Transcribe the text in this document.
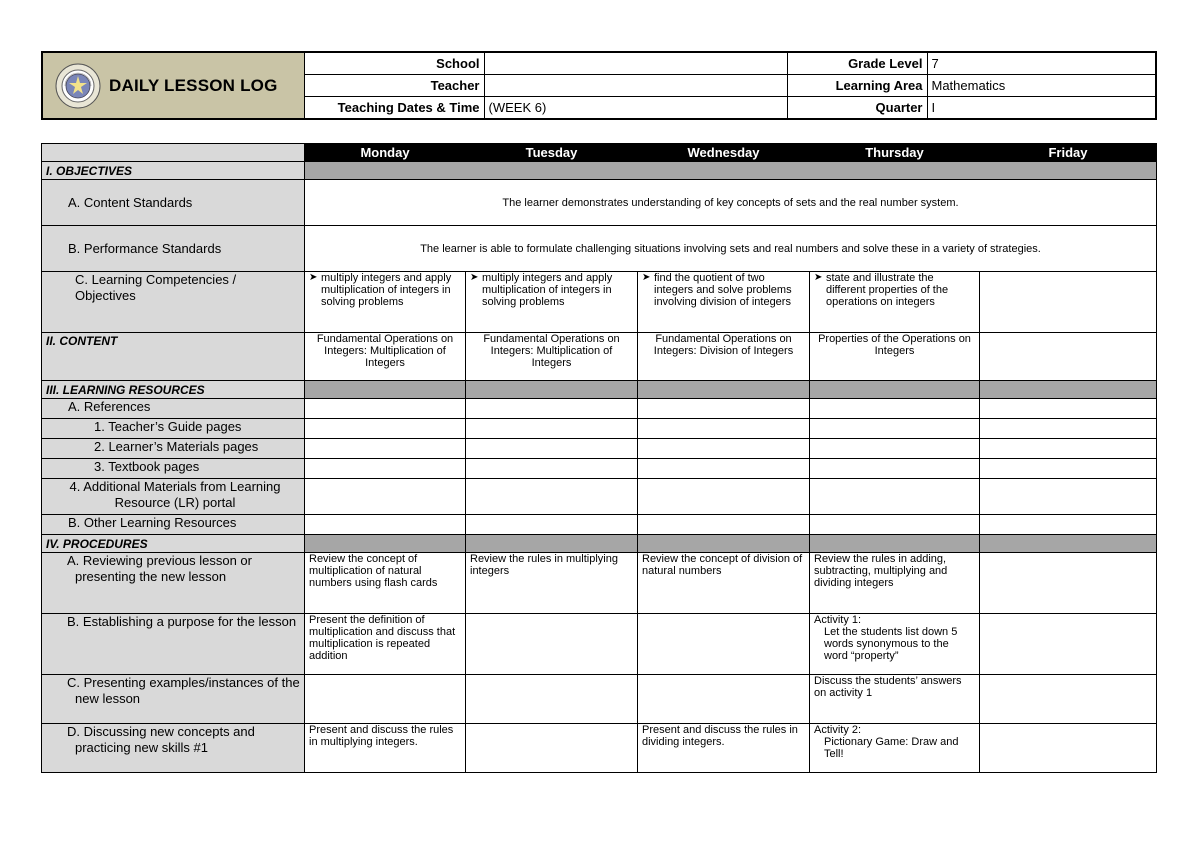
DAILY LESSON LOG	School		Grade Level	7
	Teacher		Learning Area	Mathematics
	Teaching Dates & Time	(WEEK 6)	Quarter	I
	Monday	Tuesday	Wednesday	Thursday	Friday
I. OBJECTIVES					
A. Content Standards	The learner demonstrates understanding of key concepts of sets and the real number system.				
B. Performance Standards	The learner is able to formulate challenging situations involving sets and real numbers and solve these in a variety of strategies.				
C. Learning Competencies / Objectives	➤ multiply integers and apply multiplication of integers in solving problems	➤ multiply integers and apply multiplication of integers in solving problems	➤ find the quotient of two integers and solve problems involving division of integers	➤ state and illustrate the different properties of the operations on integers	

II. CONTENT	Fundamental Operations on Integers: Multiplication of Integers	Fundamental Operations on Integers: Multiplication of Integers	Fundamental Operations on Integers: Division of Integers	Properties of the Operations on Integers	
III. LEARNING RESOURCES					
A. References					
1. Teacher’s Guide pages					
2. Learner’s Materials pages					
3. Textbook pages					
4. Additional Materials from Learning Resource (LR) portal					
B. Other Learning Resources					
IV. PROCEDURES					
A. Reviewing previous lesson or presenting the new lesson	Review the concept of multiplication of natural numbers using flash cards	Review the rules in multiplying integers	Review the concept of division of natural numbers	Review the rules in adding, subtracting, multiplying and dividing integers	
B. Establishing a purpose for the lesson	Present the definition of multiplication and discuss that multiplication is repeated addition			Activity 1:
Let the students list down 5 words synonymous to the word “property”	

C. Presenting examples/instances of the new lesson				Discuss the students’ answers on activity 1	
D. Discussing new concepts and practicing new skills #1	Present and discuss the rules in multiplying integers.		Present and discuss the rules in dividing integers.	Activity 2:
Pictionary Game: Draw and Tell!	
